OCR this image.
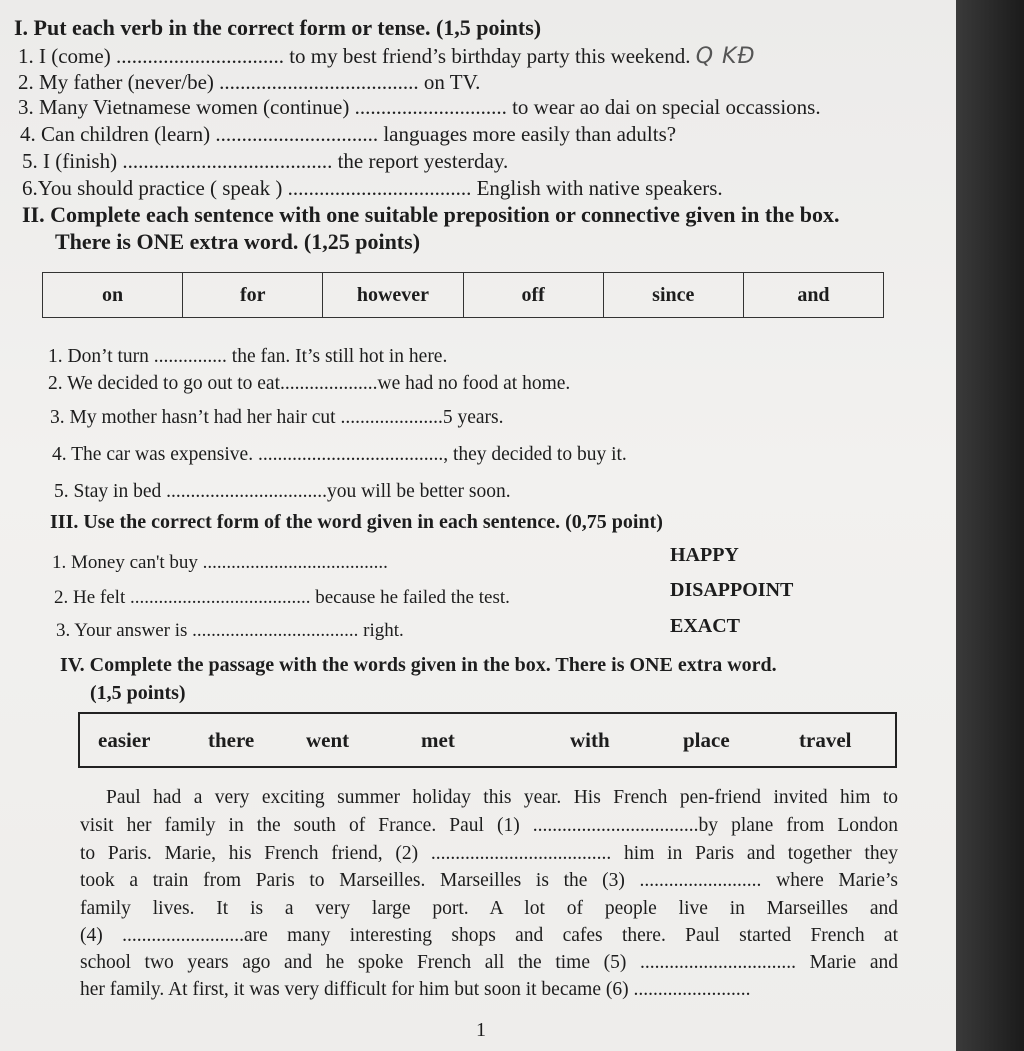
I. Put each verb in the correct form or tense. (1,5 points)
1. I (come) ................................ to my best friend’s birthday party this weekend. Q KĐ
2. My father (never/be) ...................................... on TV.
3. Many Vietnamese women (continue) ............................. to wear ao dai on special occassions.
4. Can children (learn) ............................... languages more easily than adults?
5. I (finish) ........................................ the report yesterday.
6.You should practice ( speak ) ................................... English with native speakers.
II. Complete each sentence with one suitable preposition or connective given in the box.
There is ONE extra word. (1,25 points)
on	for	however	off	since	and
1. Don’t turn ............... the fan. It’s still hot in here.
2. We decided to go out to eat....................we had no food at home.
3. My mother hasn’t had her hair cut .....................5 years.
4. The car was expensive. ......................................, they decided to buy it.
5. Stay in bed .................................you will be better soon.
III. Use the correct form of the word given in each sentence. (0,75 point)
1. Money can't buy .......................................	HAPPY
2. He felt ...................................... because he failed the test.	DISAPPOINT
3. Your answer is ................................... right.	EXACT
IV. Complete the passage with the words given in the box. There is ONE extra word.
(1,5 points)
easier	there went	met	with	place	travel
Paul had a very exciting summer holiday this year. His French pen-friend invited him to
visit her family in the south of France. Paul (1) ..................................by plane from London
to Paris. Marie, his French friend, (2) ..................................... him in Paris and together they
took a train from Paris to Marseilles. Marseilles is the (3) ......................... where Marie’s
family lives. It is a very large port. A lot of people live in Marseilles and
(4) .........................are many interesting shops and cafes there. Paul started French at
school two years ago and he spoke French all the time (5) ................................ Marie and
her family. At first, it was very difficult for him but soon it became (6) ........................
1
